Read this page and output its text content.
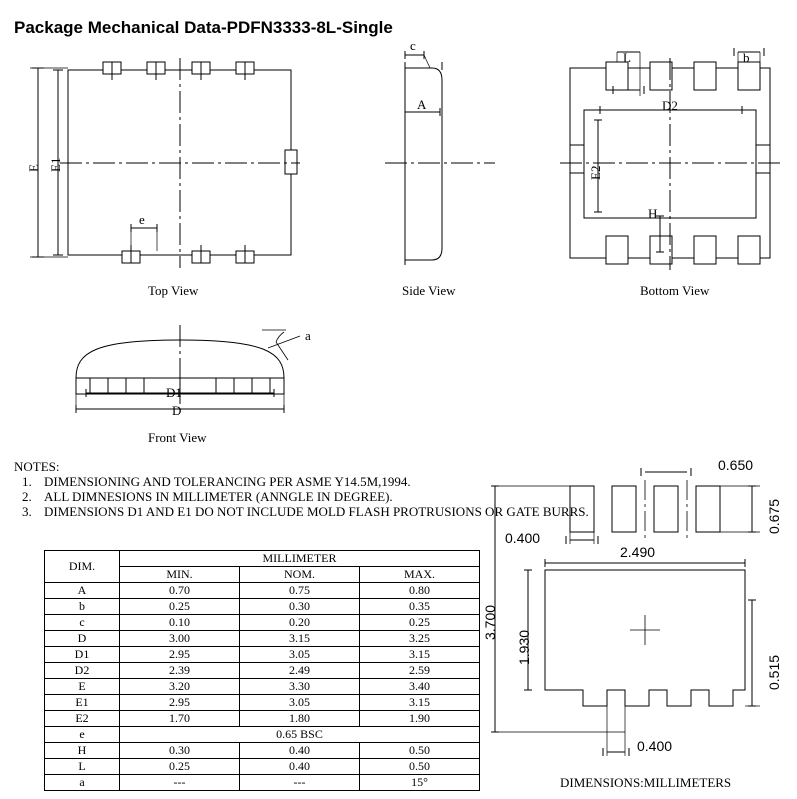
Package Mechanical Data-PDFN3333-8L-Single
e
Top View
c
A
Side View
L	b
D2
H
Bottom View
a
D1
D
Front View
NOTES:
1. DIMENSIONING AND TOLERANCING PER ASME Y14.5M,1994.
2. ALL DIMNESIONS IN MILLIMETER (ANNGLE IN DEGREE).
3. DIMENSIONS D1 AND E1 DO NOT INCLUDE MOLD FLASH PROTRUSIONS OR GATE BURRS.
DIM.	MILLIMETER		
	MIN.	NOM.	MAX.
A	0.70	0.75	0.80
b	0.25	0.30	0.35
c	0.10	0.20	0.25
D	3.00	3.15	3.25
D1	2.95	3.05	3.15
D2	2.39	2.49	2.59
E	3.20	3.30	3.40
E1	2.95	3.05	3.15
E2	1.70	1.80	1.90
e	0.65 BSC		
H	0.30	0.40	0.50
L	0.25	0.40	0.50
a	---	---	15°
0.650
0.400
2.490
0.400
DIMENSIONS:MILLIMETERS
E E1
E2
3.700
1.930
0.675
0.515
